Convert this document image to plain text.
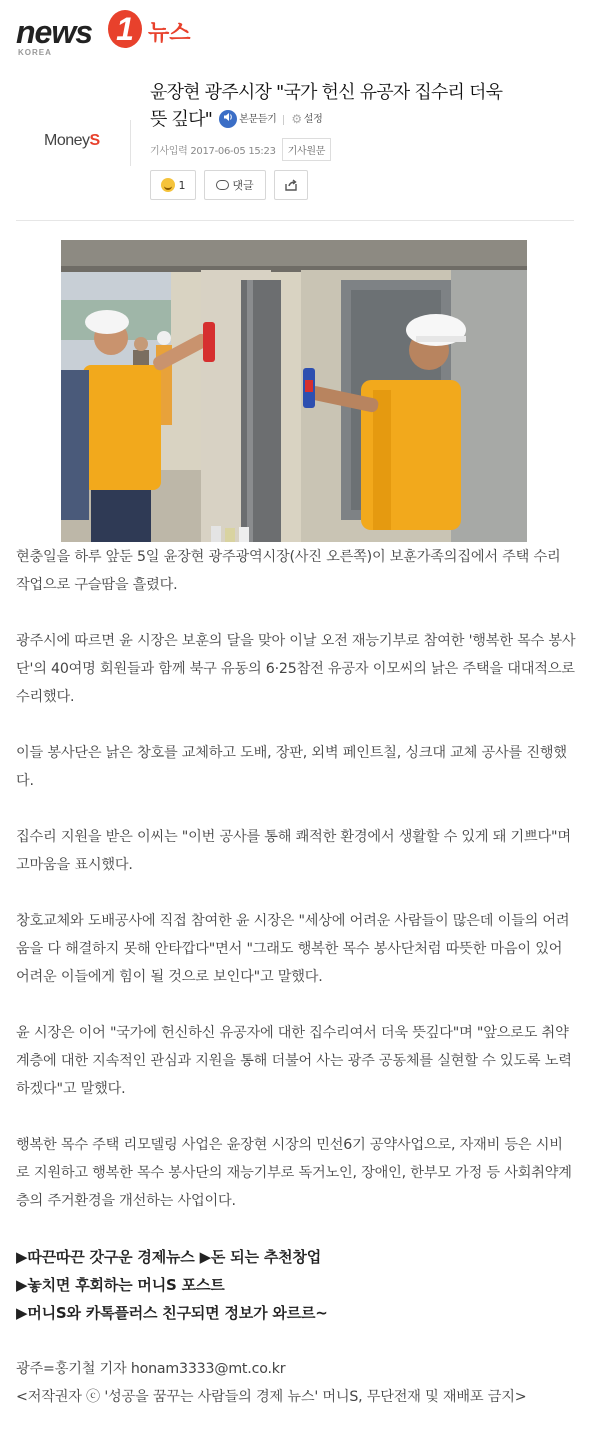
news 1 뉴스
KOREA
MoneyS
윤장현 광주시장 "국가 헌신 유공자 집수리 더욱
뜻 깊다"	본문듣기 ⚙ 설정
기사입력 2017-06-05 15:23	기사원문
1	댓글

현충일을 하루 앞둔 5일 윤장현 광주광역시장(사진 오른쪽)이 보훈가족의집에서 주택 수리 작업으로 구슬땀을 흘렸다.

광주시에 따르면 윤 시장은 보훈의 달을 맞아 이날 오전 재능기부로 참여한 '행복한 목수 봉사단'의 40여명 회원들과 함께 북구 유동의 6·25참전 유공자 이모씨의 낡은 주택을 대대적으로 수리했다.

이들 봉사단은 낡은 창호를 교체하고 도배, 장판, 외벽 페인트칠, 싱크대 교체 공사를 진행했다.

집수리 지원을 받은 이씨는 "이번 공사를 통해 쾌적한 환경에서 생활할 수 있게 돼 기쁘다"며 고마움을 표시했다.

창호교체와 도배공사에 직접 참여한 윤 시장은 "세상에 어려운 사람들이 많은데 이들의 어려움을 다 해결하지 못해 안타깝다"면서 "그래도 행복한 목수 봉사단처럼 따뜻한 마음이 있어 어려운 이들에게 힘이 될 것으로 보인다"고 말했다.

윤 시장은 이어 "국가에 헌신하신 유공자에 대한 집수리여서 더욱 뜻깊다"며 "앞으로도 취약계층에 대한 지속적인 관심과 지원을 통해 더불어 사는 광주 공동체를 실현할 수 있도록 노력하겠다"고 말했다.

행복한 목수 주택 리모델링 사업은 윤장현 시장의 민선6기 공약사업으로, 자재비 등은 시비로 지원하고 행복한 목수 봉사단의 재능기부로 독거노인, 장애인, 한부모 가정 등 사회취약계층의 주거환경을 개선하는 사업이다.

▶따끈따끈 갓구운 경제뉴스 ▶돈 되는 추천창업
▶놓치면 후회하는 머니S 포스트
▶머니S와 카톡플러스 친구되면 정보가 와르르~
광주=홍기철 기자 honam3333@mt.co.kr
<저작권자 ⓒ '성공을 꿈꾸는 사람들의 경제 뉴스' 머니S, 무단전재 및 재배포 금지>
